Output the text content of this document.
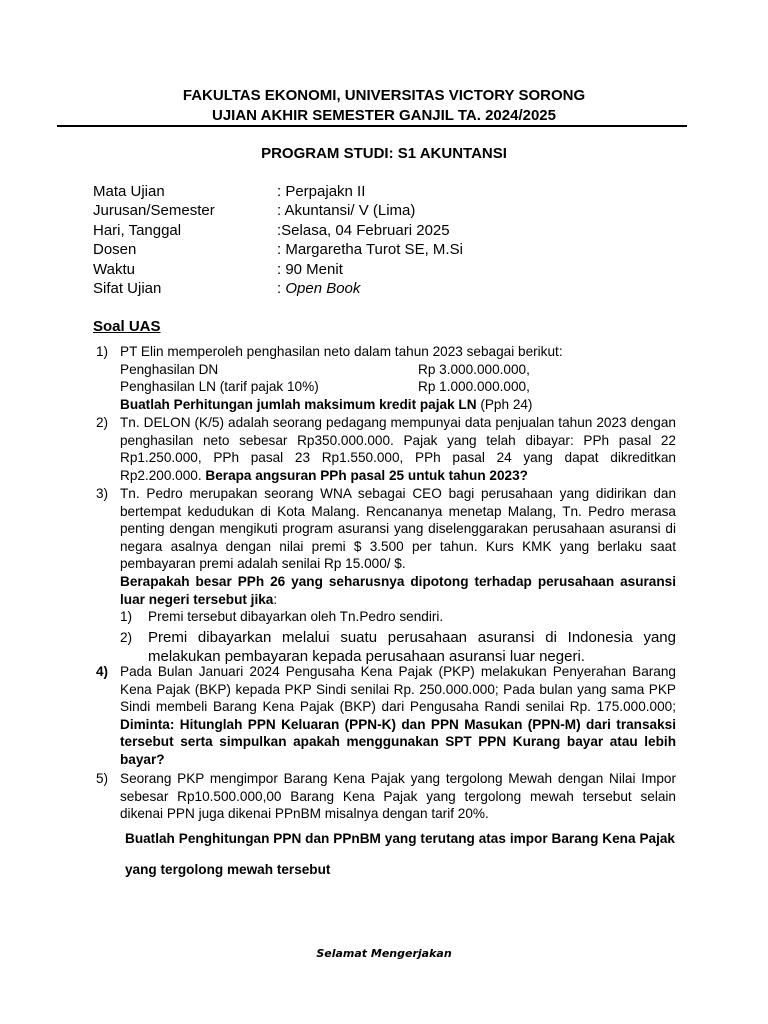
FAKULTAS EKONOMI, UNIVERSITAS VICTORY SORONG
UJIAN AKHIR SEMESTER GANJIL TA. 2024/2025
PROGRAM STUDI: S1 AKUNTANSI
Mata Ujian	: Perpajakn II
Jurusan/Semester	: Akuntansi/ V (Lima)
Hari, Tanggal	:Selasa, 04 Februari 2025
Dosen	: Margaretha Turot SE, M.Si
Waktu	: 90 Menit
Sifat Ujian	: Open Book
Soal UAS
1) PT Elin memperoleh penghasilan neto dalam tahun 2023 sebagai berikut:

Penghasilan DN	Rp 3.000.000.000,
Penghasilan LN (tarif pajak 10%)	Rp 1.000.000.000,

Buatlah Perhitungan jumlah maksimum kredit pajak LN (Pph 24)

2) Tn. DELON (K/5) adalah seorang pedagang mempunyai data penjualan tahun 2023 dengan penghasilan neto sebesar Rp350.000.000. Pajak yang telah dibayar: PPh pasal 22 Rp1.250.000, PPh pasal 23 Rp1.550.000, PPh pasal 24 yang dapat dikreditkan Rp2.200.000. Berapa angsuran PPh pasal 25 untuk tahun 2023?

3) Tn. Pedro merupakan seorang WNA sebagai CEO bagi perusahaan yang didirikan dan bertempat kedudukan di Kota Malang. Rencananya menetap Malang, Tn. Pedro merasa penting dengan mengikuti program asuransi yang diselenggarakan perusahaan asuransi di negara asalnya dengan nilai premi $ 3.500 per tahun. Kurs KMK yang berlaku saat pembayaran premi adalah senilai Rp 15.000/ $.

Berapakah besar PPh 26 yang seharusnya dipotong terhadap perusahaan asuransi luar negeri tersebut jika:

1) Premi tersebut dibayarkan oleh Tn.Pedro sendiri.
2) Premi dibayarkan melalui suatu perusahaan asuransi di Indonesia yang melakukan pembayaran kepada perusahaan asuransi luar negeri.
4) Pada Bulan Januari 2024 Pengusaha Kena Pajak (PKP) melakukan Penyerahan Barang Kena Pajak (BKP) kepada PKP Sindi senilai Rp. 250.000.000; Pada bulan yang sama PKP Sindi membeli Barang Kena Pajak (BKP) dari Pengusaha Randi senilai Rp. 175.000.000; Diminta: Hitunglah PPN Keluaran (PPN-K) dan PPN Masukan (PPN-M) dari transaksi tersebut serta simpulkan apakah menggunakan SPT PPN Kurang bayar atau lebih bayar?

5) Seorang PKP mengimpor Barang Kena Pajak yang tergolong Mewah dengan Nilai Impor sebesar Rp10.500.000,00 Barang Kena Pajak yang tergolong mewah tersebut selain dikenai PPN juga dikenai PPnBM misalnya dengan tarif 20%.

Buatlah Penghitungan PPN dan PPnBM yang terutang atas impor Barang Kena Pajak yang tergolong mewah tersebut
Selamat Mengerjakan
